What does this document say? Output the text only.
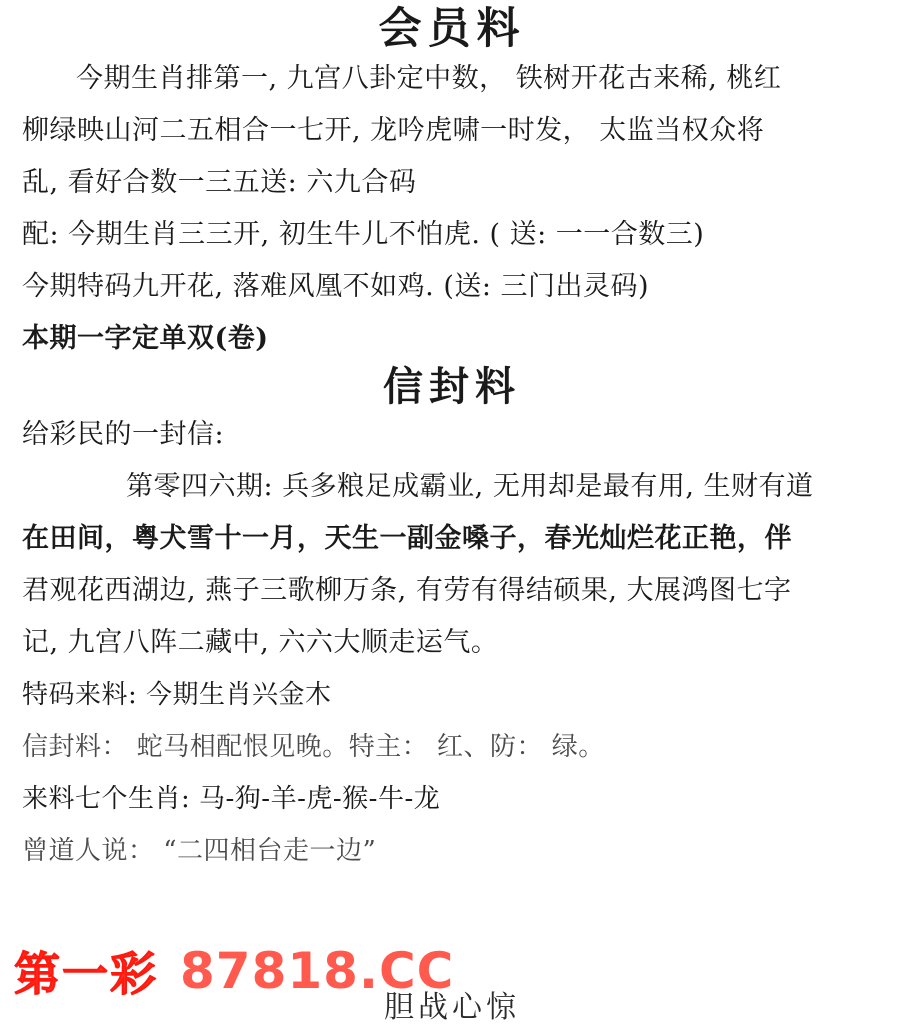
会员料
今期生肖排第一, 九宫八卦定中数， 铁树开花古来稀, 桃红
柳绿映山河二五相合一七开, 龙吟虎啸一时发， 太监当权众将
乱, 看好合数一三五送: 六九合码
配: 今期生肖三三开, 初生牛儿不怕虎. ( 送: 一一合数三)
今期特码九开花, 落难风凰不如鸡. (送: 三门出灵码)
本期一字定单双(卷)
信封料
给彩民的一封信:
第零四六期: 兵多粮足成霸业, 无用却是最有用, 生财有道
在田间，粤犬雪十一月，天生一副金嗓子，春光灿烂花正艳，伴
君观花西湖边, 燕子三歌柳万条, 有劳有得结硕果, 大展鸿图七字
记, 九宫八阵二藏中, 六六大顺走运气。
特码来料: 今期生肖兴金木
信封料： 蛇马相配恨见晚。特主： 红、防： 绿。
来料七个生肖: 马-狗-羊-虎-猴-牛-龙
曾道人说： “二四相台走一边”
胆战心惊
第一彩 87818.CC
